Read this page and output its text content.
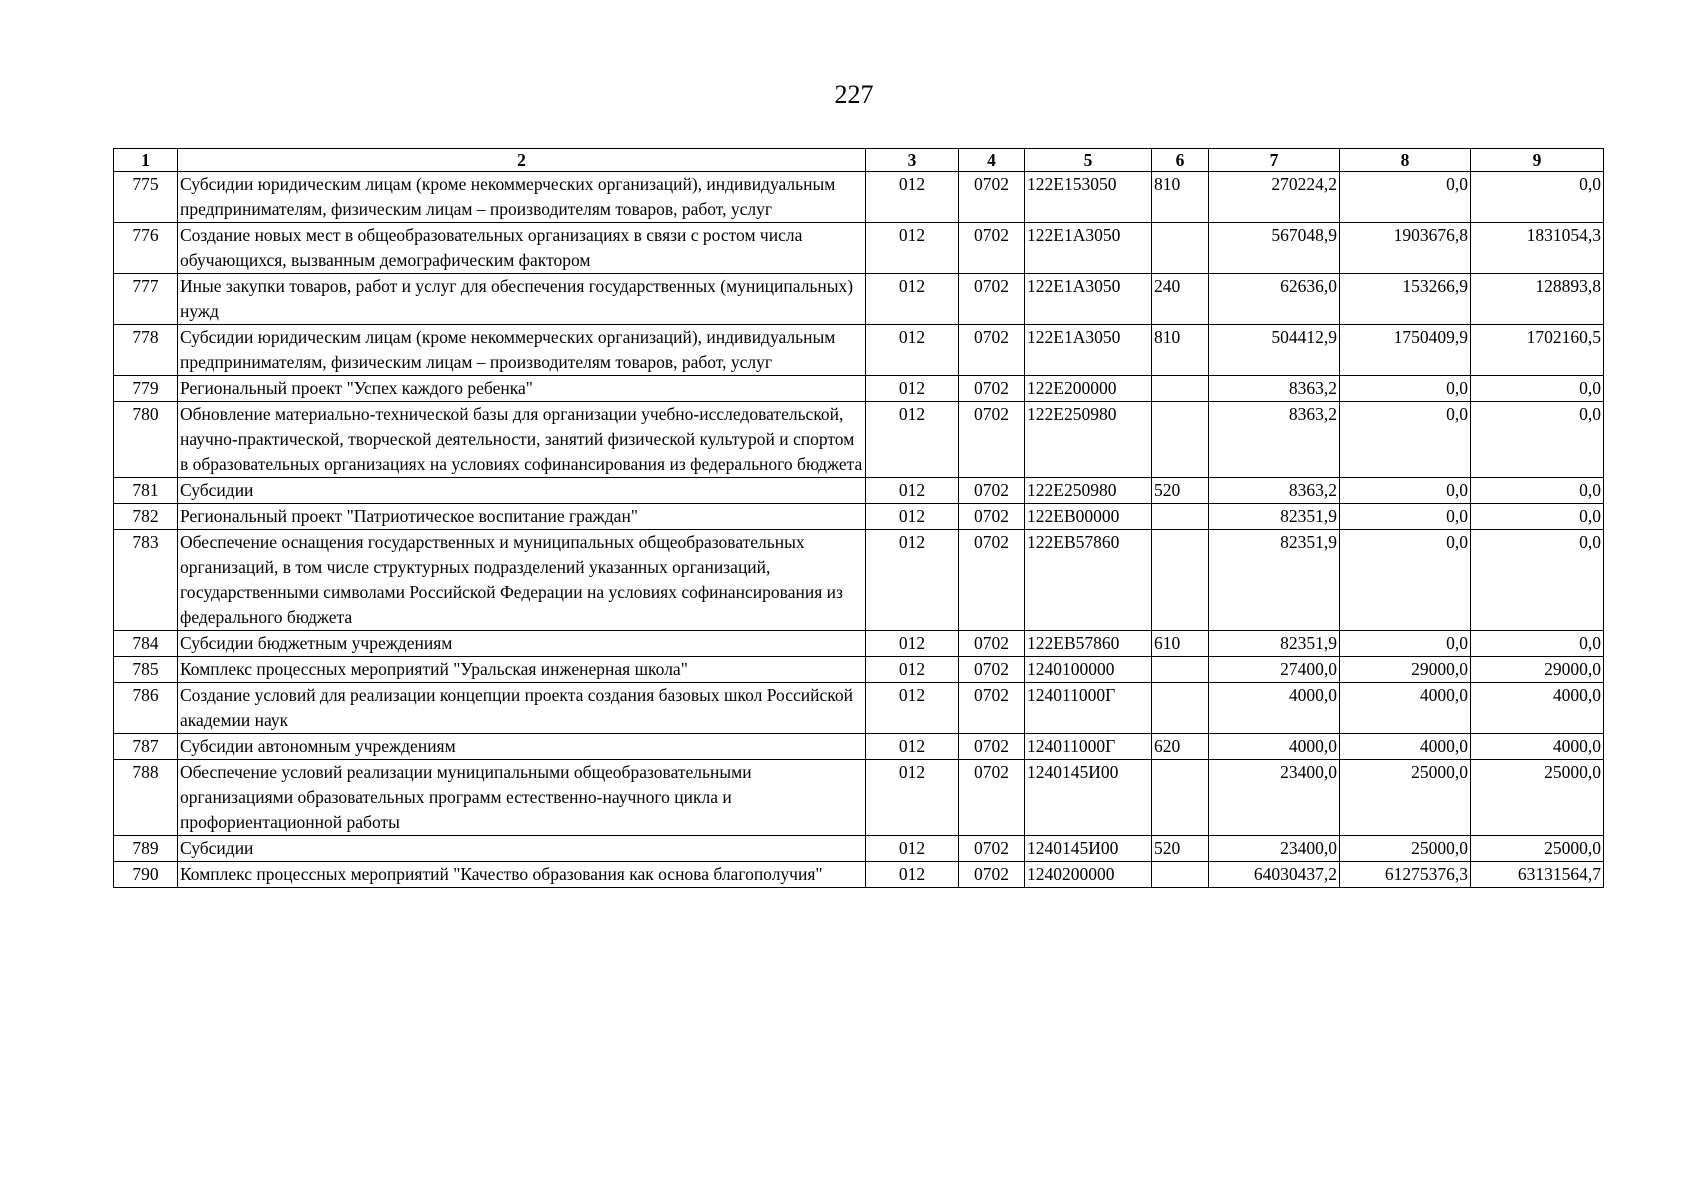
227
1	2	3	4	5	6	7	8	9
775	Субсидии юридическим лицам (кроме некоммерческих организаций), индивидуальным предпринимателям, физическим лицам – производителям товаров, работ, услуг	012	0702	122E153050	810	270224,2	0,0	0,0
776	Создание новых мест в общеобразовательных организациях в связи с ростом числа обучающихся, вызванным демографическим фактором	012	0702	122E1A3050		567048,9	1903676,8	1831054,3
777	Иные закупки товаров, работ и услуг для обеспечения государственных (муниципальных) нужд	012	0702	122E1A3050	240	62636,0	153266,9	128893,8
778	Субсидии юридическим лицам (кроме некоммерческих организаций), индивидуальным предпринимателям, физическим лицам – производителям товаров, работ, услуг	012	0702	122E1A3050	810	504412,9	1750409,9	1702160,5
779	Региональный проект "Успех каждого ребенка"	012	0702	122E200000		8363,2	0,0	0,0
780	Обновление материально-технической базы для организации учебно-исследовательской, научно-практической, творческой деятельности, занятий физической культурой и спортом в образовательных организациях на условиях софинансирования из федерального бюджета	012	0702	122E250980		8363,2	0,0	0,0
781	Субсидии	012	0702	122E250980	520	8363,2	0,0	0,0
782	Региональный проект "Патриотическое воспитание граждан"	012	0702	122EB00000		82351,9	0,0	0,0
783	Обеспечение оснащения государственных и муниципальных общеобразовательных организаций, в том числе структурных подразделений указанных организаций, государственными символами Российской Федерации на условиях софинансирования из федерального бюджета	012	0702	122EB57860		82351,9	0,0	0,0
784	Субсидии бюджетным учреждениям	012	0702	122EB57860	610	82351,9	0,0	0,0
785	Комплекс процессных мероприятий "Уральская инженерная школа"	012	0702	1240100000		27400,0	29000,0	29000,0
786	Создание условий для реализации концепции проекта создания базовых школ Российской академии наук	012	0702	124011000Г		4000,0	4000,0	4000,0
787	Субсидии автономным учреждениям	012	0702	124011000Г	620	4000,0	4000,0	4000,0
788	Обеспечение условий реализации муниципальными общеобразовательными организациями образовательных программ естественно-научного цикла и профориентационной работы	012	0702	1240145И00		23400,0	25000,0	25000,0
789	Субсидии	012	0702	1240145И00	520	23400,0	25000,0	25000,0
790	Комплекс процессных мероприятий "Качество образования как основа благополучия"	012	0702	1240200000		64030437,2	61275376,3	63131564,7
